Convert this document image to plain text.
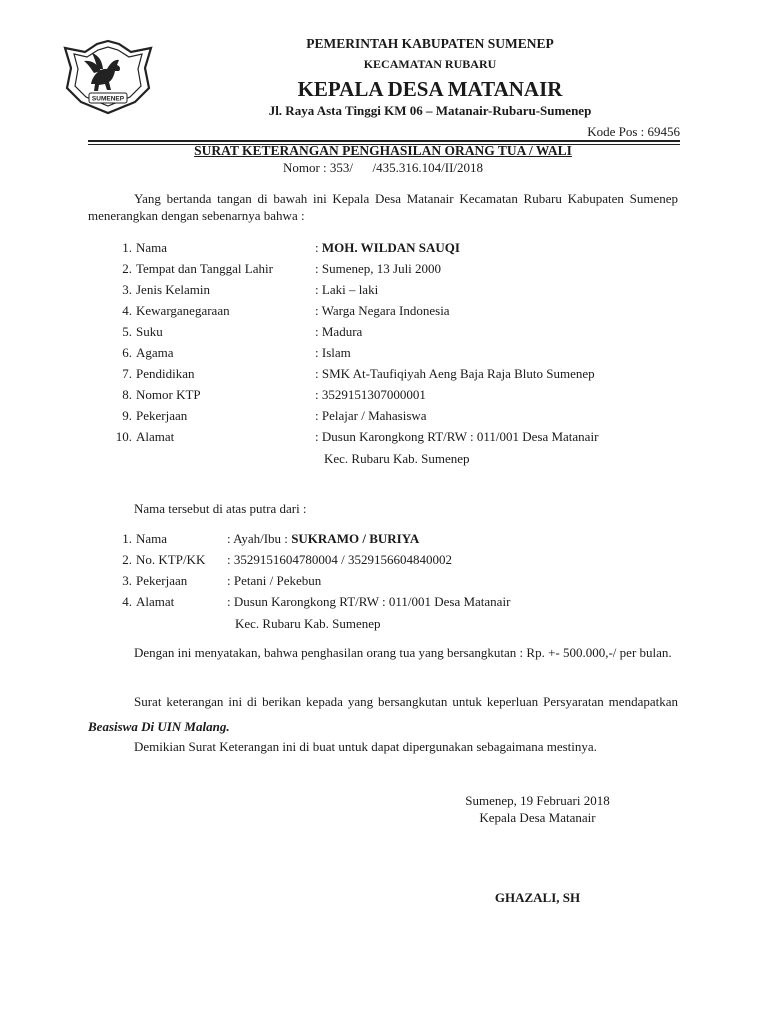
SUMENEP
PEMERINTAH KABUPATEN SUMENEP
KECAMATAN RUBARU
KEPALA DESA MATANAIR
Jl. Raya Asta Tinggi KM 06 – Matanair-Rubaru-Sumenep
Kode Pos : 69456
SURAT KETERANGAN PENGHASILAN ORANG TUA / WALI
Nomor : 353/      /435.316.104/II/2018
Yang bertanda tangan di bawah ini Kepala Desa Matanair Kecamatan Rubaru Kabupaten Sumenep menerangkan dengan sebenarnya bahwa :
1. Nama	: MOH. WILDAN SAUQI
2. Tempat dan Tanggal Lahir	: Sumenep, 13 Juli 2000
3. Jenis Kelamin	: Laki – laki
4. Kewarganegaraan	: Warga Negara Indonesia
5. Suku	: Madura
6. Agama	: Islam
7. Pendidikan	: SMK At-Taufiqiyah Aeng Baja Raja Bluto Sumenep
8. Nomor KTP	: 3529151307000001
9. Pekerjaan	: Pelajar / Mahasiswa
10. Alamat	: Dusun Karongkong RT/RW : 011/001 Desa Matanair
Kec. Rubaru Kab. Sumenep
Nama tersebut di atas putra dari :
1. Nama	: Ayah/Ibu : SUKRAMO / BURIYA
2. No. KTP/KK : 3529151604780004 / 3529156604840002
3. Pekerjaan	: Petani / Pekebun
4. Alamat	: Dusun Karongkong RT/RW : 011/001 Desa Matanair
Kec. Rubaru Kab. Sumenep
Dengan ini menyatakan, bahwa penghasilan orang tua yang bersangkutan : Rp. +- 500.000,-/ per bulan.
Surat keterangan ini di berikan kepada yang bersangkutan untuk keperluan Persyaratan mendapatkan Beasiswa Di UIN Malang.
Demikian Surat Keterangan ini di buat untuk dapat dipergunakan sebagaimana mestinya.
Sumenep, 19 Februari 2018
Kepala Desa Matanair
GHAZALI, SH
